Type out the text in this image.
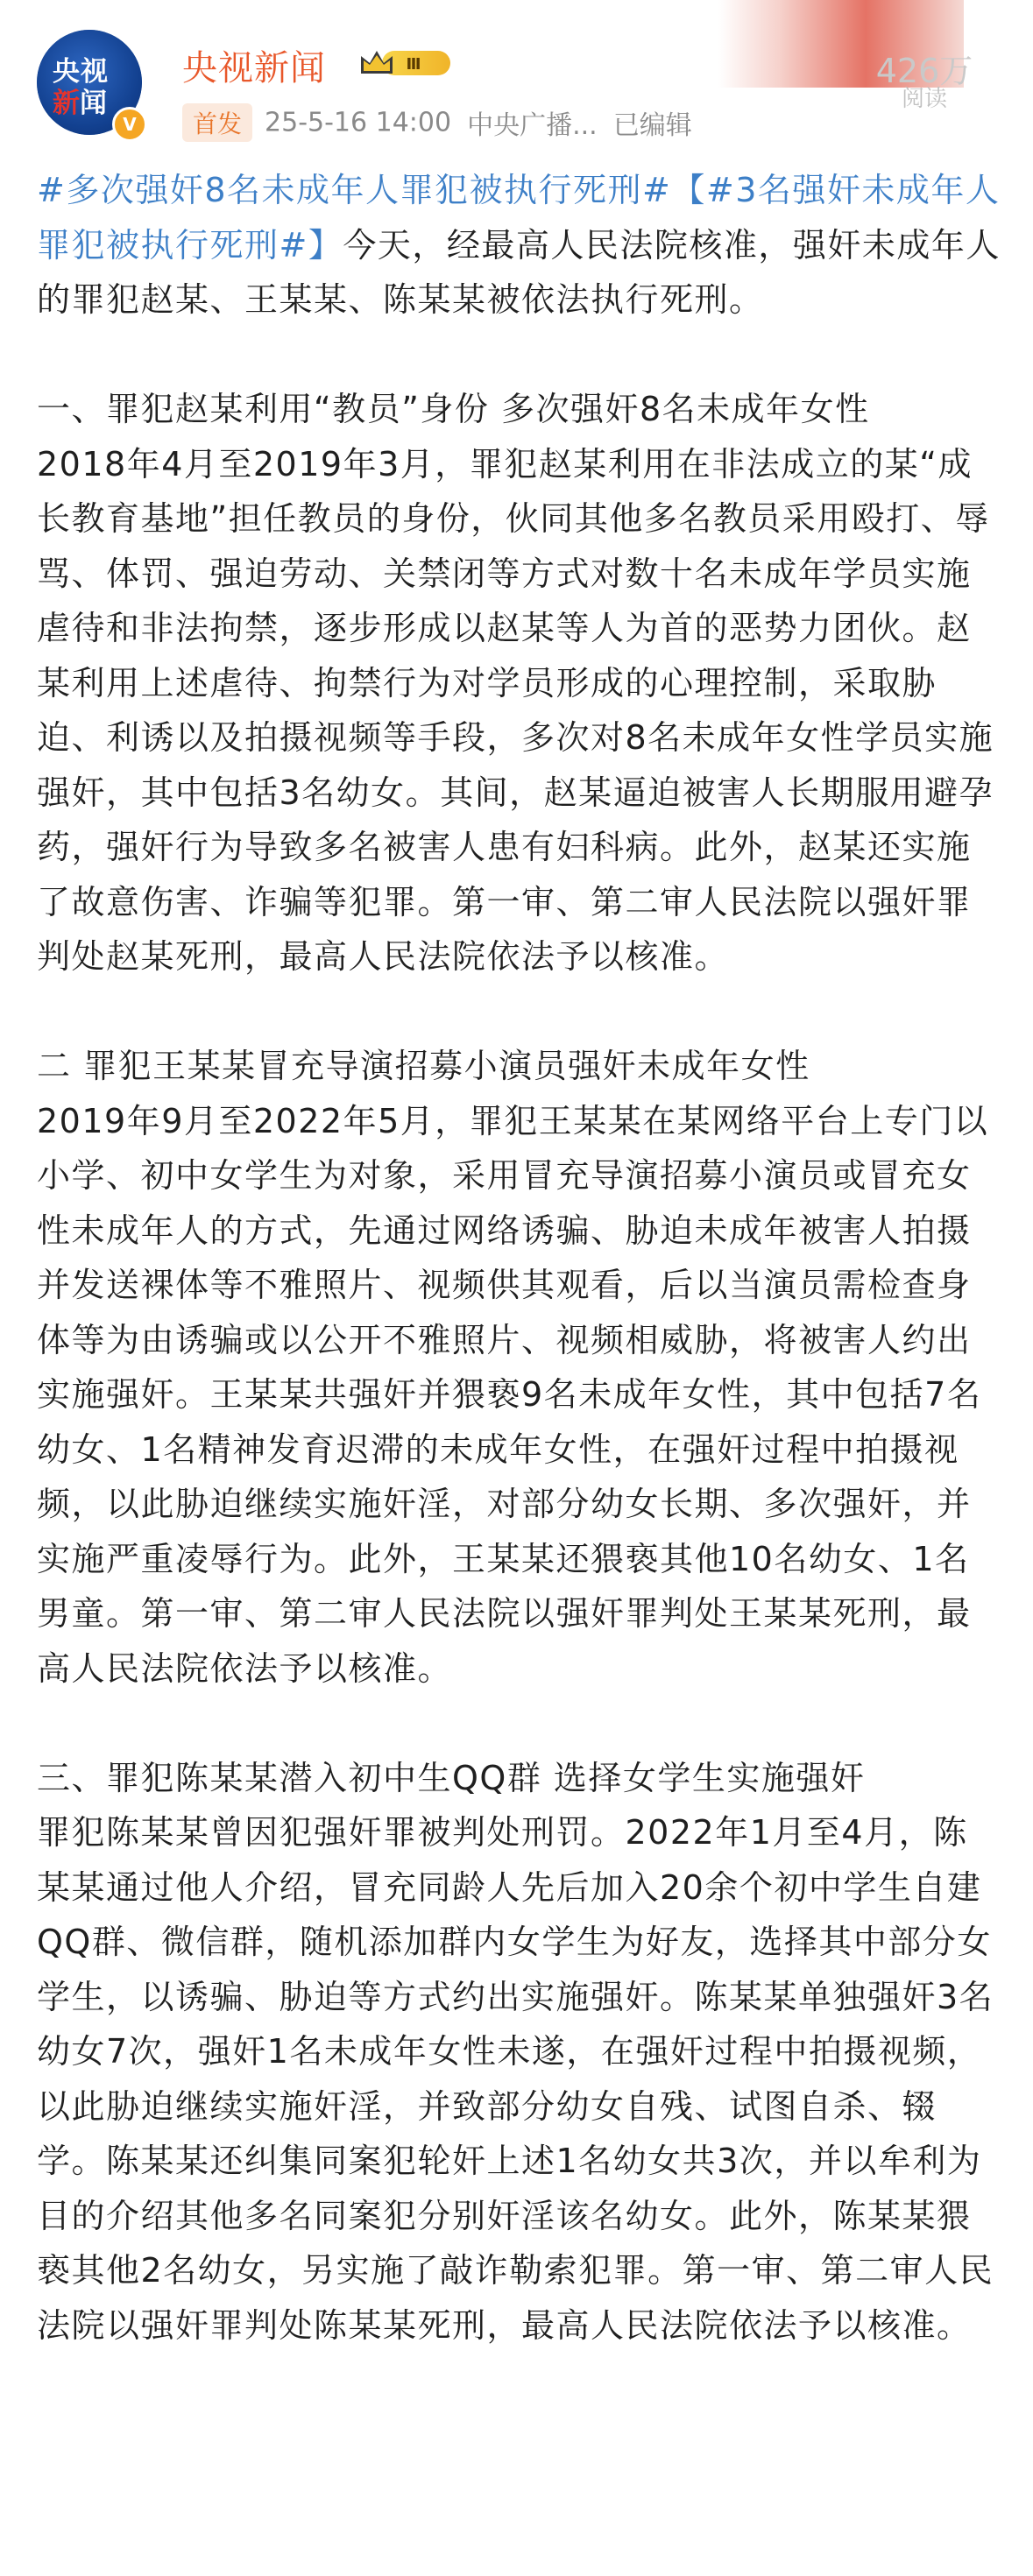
央视
新闻
V
央视新闻	Ⅲ
首发 25-5-16 14:00 中央广播... 已编辑
426万
阅读

#多次强奸8名未成年人罪犯被执行死刑#【#3名强奸未成年人罪犯被执行死刑#】今天，经最高人民法院核准，强奸未成年人的罪犯赵某、王某某、陈某某被依法执行死刑。

一、罪犯赵某利用“教员”身份 多次强奸8名未成年女性

2018年4月至2019年3月，罪犯赵某利用在非法成立的某“成长教育基地”担任教员的身份，伙同其他多名教员采用殴打、辱骂、体罚、强迫劳动、关禁闭等方式对数十名未成年学员实施虐待和非法拘禁，逐步形成以赵某等人为首的恶势力团伙。赵某利用上述虐待、拘禁行为对学员形成的心理控制，采取胁迫、利诱以及拍摄视频等手段，多次对8名未成年女性学员实施强奸，其中包括3名幼女。其间，赵某逼迫被害人长期服用避孕药，强奸行为导致多名被害人患有妇科病。此外，赵某还实施了故意伤害、诈骗等犯罪。第一审、第二审人民法院以强奸罪判处赵某死刑，最高人民法院依法予以核准。

二 罪犯王某某冒充导演招募小演员强奸未成年女性

2019年9月至2022年5月，罪犯王某某在某网络平台上专门以小学、初中女学生为对象，采用冒充导演招募小演员或冒充女性未成年人的方式，先通过网络诱骗、胁迫未成年被害人拍摄并发送裸体等不雅照片、视频供其观看，后以当演员需检查身体等为由诱骗或以公开不雅照片、视频相威胁，将被害人约出实施强奸。王某某共强奸并猥亵9名未成年女性，其中包括7名幼女、1名精神发育迟滞的未成年女性，在强奸过程中拍摄视频，以此胁迫继续实施奸淫，对部分幼女长期、多次强奸，并实施严重凌辱行为。此外，王某某还猥亵其他10名幼女、1名男童。第一审、第二审人民法院以强奸罪判处王某某死刑，最高人民法院依法予以核准。

三、罪犯陈某某潜入初中生QQ群 选择女学生实施强奸

罪犯陈某某曾因犯强奸罪被判处刑罚。2022年1月至4月，陈某某通过他人介绍，冒充同龄人先后加入20余个初中学生自建QQ群、微信群，随机添加群内女学生为好友，选择其中部分女学生，以诱骗、胁迫等方式约出实施强奸。陈某某单独强奸3名幼女7次，强奸1名未成年女性未遂，在强奸过程中拍摄视频，以此胁迫继续实施奸淫，并致部分幼女自残、试图自杀、辍学。陈某某还纠集同案犯轮奸上述1名幼女共3次，并以牟利为目的介绍其他多名同案犯分别奸淫该名幼女。此外，陈某某猥亵其他2名幼女，另实施了敲诈勒索犯罪。第一审、第二审人民法院以强奸罪判处陈某某死刑，最高人民法院依法予以核准。
